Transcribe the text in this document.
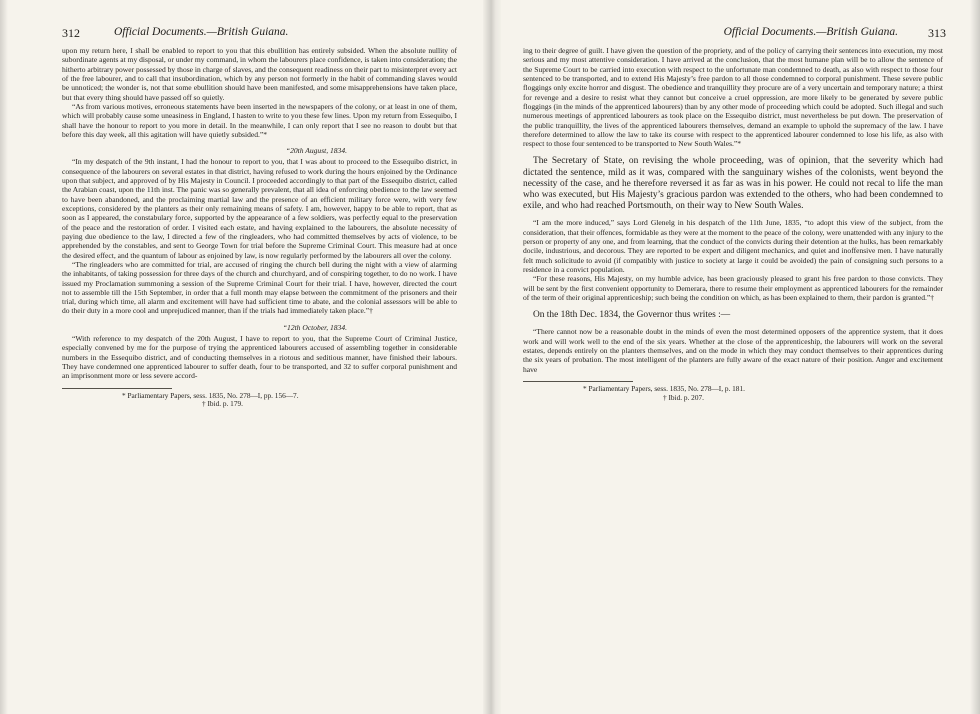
312	Official Documents.—British Guiana.

upon my return here, I shall be enabled to report to you that this ebullition has entirely subsided. When the absolute nullity of subordinate agents at my disposal, or under my command, in whom the labourers place confidence, is taken into consideration; the hitherto arbitrary power possessed by those in charge of slaves, and the consequent readiness on their part to misinterpret every act of the free labourer, and to call that insubordination, which by any person not formerly in the habit of commanding slaves would be unnoticed; the wonder is, not that some ebullition should have been manifested, and some misapprehensions have taken place, but that every thing should have passed off so quietly.

“As from various motives, erroneous statements have been inserted in the newspapers of the colony, or at least in one of them, which will probably cause some uneasiness in England, I hasten to write to you these few lines. Upon my return from Essequibo, I shall have the honour to report to you more in detail. In the meanwhile, I can only report that I see no reason to doubt but that before this day week, all this agitation will have quietly subsided.”*

“20th August, 1834.

“In my despatch of the 9th instant, I had the honour to report to you, that I was about to proceed to the Essequibo district, in consequence of the labourers on several estates in that district, having refused to work during the hours enjoined by the Ordinance upon that subject, and approved of by His Majesty in Council. I proceeded accordingly to that part of the Essequibo district, called the Arabian coast, upon the 11th inst. The panic was so generally prevalent, that all idea of enforcing obedience to the law seemed to have been abandoned, and the proclaiming martial law and the presence of an efficient military force were, with very few exceptions, considered by the planters as their only remaining means of safety. I am, however, happy to be able to report, that as soon as I appeared, the constabulary force, supported by the appearance of a few soldiers, was perfectly equal to the preservation of the peace and the restoration of order. I visited each estate, and having explained to the labourers, the absolute necessity of paying due obedience to the law, I directed a few of the ringleaders, who had committed themselves by acts of violence, to be apprehended by the constables, and sent to George Town for trial before the Supreme Criminal Court. This measure had at once the desired effect, and the quantum of labour as enjoined by law, is now regularly performed by the labourers all over the colony.

“The ringleaders who are committed for trial, are accused of ringing the church bell during the night with a view of alarming the inhabitants, of taking possession for three days of the church and churchyard, and of conspiring together, to do no work. I have issued my Proclamation summoning a session of the Supreme Criminal Court for their trial. I have, however, directed the court not to assemble till the 15th September, in order that a full month may elapse between the commitment of the prisoners and their trial, during which time, all alarm and excitement will have had sufficient time to abate, and the colonial assessors will be able to do their duty in a more cool and unprejudiced manner, than if the trials had immediately taken place.”†

“12th October, 1834.

“With reference to my despatch of the 20th August, I have to report to you, that the Supreme Court of Criminal Justice, especially convened by me for the purpose of trying the apprenticed labourers accused of assembling together in considerable numbers in the Essequibo district, and of conducting themselves in a riotous and seditious manner, have finished their labours. They have condemned one apprenticed labourer to suffer death, four to be transported, and 32 to suffer corporal punishment and an imprisonment more or less severe accord-

* Parliamentary Papers, sess. 1835, No. 278—I, pp. 156—7.

† Ibid. p. 179.

Official Documents.—British Guiana.	313

ing to their degree of guilt. I have given the question of the propriety, and of the policy of carrying their sentences into execution, my most serious and my most attentive consideration. I have arrived at the conclusion, that the most humane plan will be to allow the sentence of the Supreme Court to be carried into execution with respect to the unfortunate man condemned to death, as also with respect to those four sentenced to be transported, and to extend His Majesty’s free pardon to all those condemned to corporal punishment. These severe public floggings only excite horror and disgust. The obedience and tranquillity they procure are of a very uncertain and temporary nature; a thirst for revenge and a desire to resist what they cannot but conceive a cruel oppression, are more likely to be generated by severe public floggings (in the minds of the apprenticed labourers) than by any other mode of proceeding which could be adopted. Such illegal and such numerous meetings of apprenticed labourers as took place on the Essequibo district, must nevertheless be put down. The preservation of the public tranquillity, the lives of the apprenticed labourers themselves, demand an example to uphold the supremacy of the law. I have therefore determined to allow the law to take its course with respect to the apprenticed labourer condemned to lose his life, as also with respect to those four sentenced to be transported to New South Wales.”*

The Secretary of State, on revising the whole proceeding, was of opinion, that the severity which had dictated the sentence, mild as it was, compared with the sanguinary wishes of the colonists, went beyond the necessity of the case, and he therefore reversed it as far as was in his power. He could not recal to life the man who was executed, but His Majesty’s gracious pardon was extended to the others, who had been condemned to exile, and who had reached Portsmouth, on their way to New South Wales.

“I am the more induced,” says Lord Glenelg in his despatch of the 11th June, 1835, “to adopt this view of the subject, from the consideration, that their offences, formidable as they were at the moment to the peace of the colony, were unattended with any injury to the person or property of any one, and from learning, that the conduct of the convicts during their detention at the hulks, has been remarkably docile, industrious, and decorous. They are reported to be expert and diligent mechanics, and quiet and inoffensive men. I have naturally felt much solicitude to avoid (if compatibly with justice to society at large it could be avoided) the pain of consigning such persons to a residence in a convict population.

“For these reasons, His Majesty, on my humble advice, has been graciously pleased to grant his free pardon to those convicts. They will be sent by the first convenient opportunity to Demerara, there to resume their employment as apprenticed labourers for the remainder of the term of their original apprenticeship; such being the condition on which, as has been explained to them, their pardon is granted.”†

On the 18th Dec. 1834, the Governor thus writes :—

“There cannot now be a reasonable doubt in the minds of even the most determined opposers of the apprentice system, that it does work and will work well to the end of the six years. Whether at the close of the apprenticeship, the labourers will work on the several estates, depends entirely on the planters themselves, and on the mode in which they may conduct themselves to their apprentices during the six years of probation. The most intelligent of the planters are fully aware of the exact nature of their position. Anger and excitement have

* Parliamentary Papers, sess. 1835, No. 278—I, p. 181.

† Ibid. p. 207.
